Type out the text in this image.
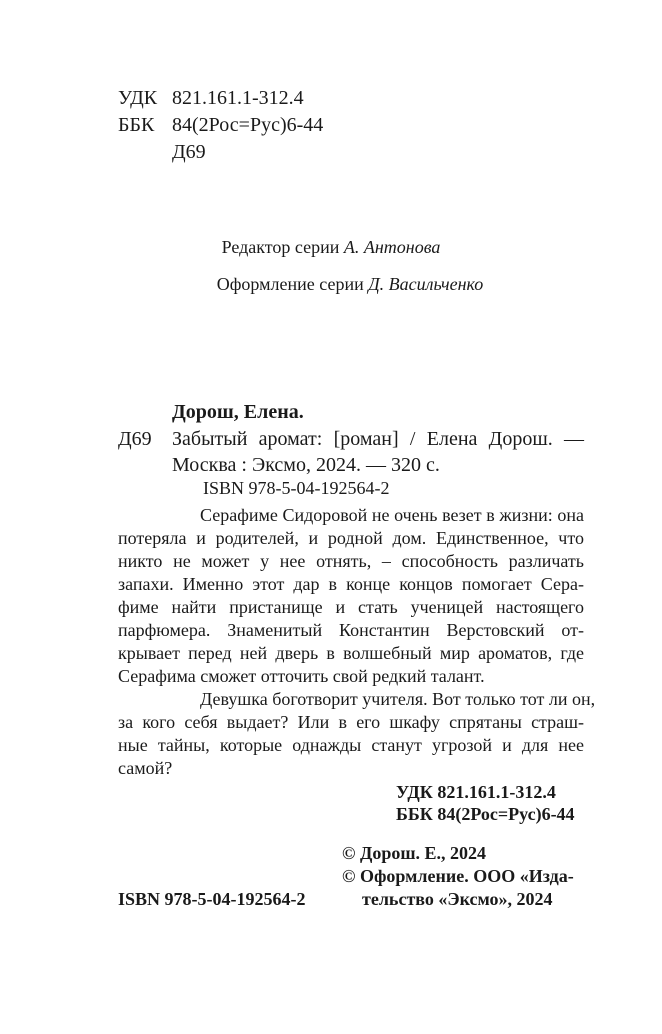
УДК 821.161.1-312.4
ББК 84(2Рос=Рус)6-44
Д69
Редактор серии А. Антонова
Оформление серии Д. Васильченко
Дорош, Елена.
Д69 Забытый аромат: [роман] / Елена Дорош. —
Москва : Эксмо, 2024. — 320 с.
ISBN 978-5-04-192564-2
Серафиме Сидоровой не очень везет в жизни: она
потеряла и родителей, и родной дом. Единственное, что
никто не может у нее отнять, – способность различать
запахи. Именно этот дар в конце концов помогает Сера-
фиме найти пристанище и стать ученицей настоящего
парфюмера. Знаменитый Константин Верстовский от-
крывает перед ней дверь в волшебный мир ароматов, где
Серафима сможет отточить свой редкий талант.
Девушка боготворит учителя. Вот только тот ли он,
за кого себя выдает? Или в его шкафу спрятаны страш-
ные тайны, которые однажды станут угрозой и для нее
самой?
УДК 821.161.1-312.4
ББК 84(2Рос=Рус)6-44
© Дорош. Е., 2024
© Оформление. ООО «Изда-
тельство «Эксмо», 2024
ISBN 978-5-04-192564-2
